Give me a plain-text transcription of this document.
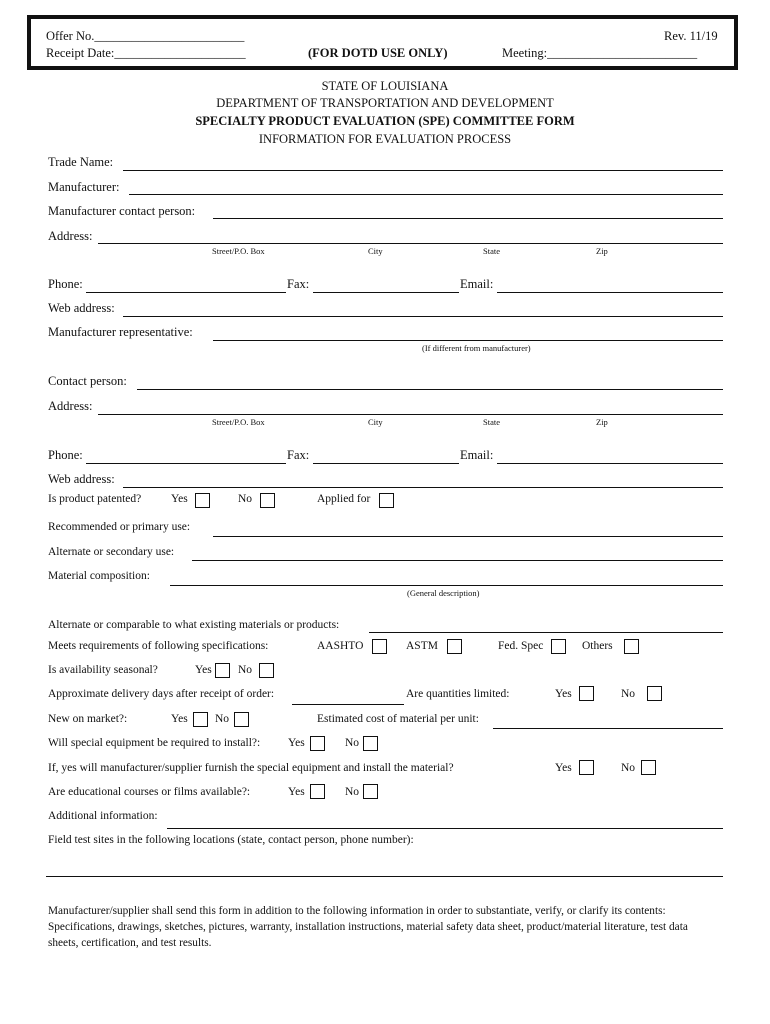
Offer No.________________________
Receipt Date:_____________________	(FOR DOTD USE ONLY)
Rev. 11/19
Meeting:________________________
STATE OF LOUISIANA
DEPARTMENT OF TRANSPORTATION AND DEVELOPMENT
SPECIALTY PRODUCT EVALUATION (SPE) COMMITTEE FORM
INFORMATION FOR EVALUATION PROCESS
Trade Name:
Manufacturer:
Manufacturer contact person:
Address:
Street/P.O. Box	City	State	Zip
Phone:	Fax:	Email:
Web address:
Manufacturer representative:
(If different from manufacturer)
Contact person:
Address:
Street/P.O. Box	City	State	Zip
Phone:	Fax:	Email:
Web address:
Is product patented?	Yes	No	Applied for
Recommended or primary use:
Alternate or secondary use:
Material composition:
(General description)
Alternate or comparable to what existing materials or products:
Meets requirements of following specifications:	AASHTO	ASTM	Fed. Spec	Others
Is availability seasonal?	Yes No
Approximate delivery days after receipt of order:	Are quantities limited:	Yes	No
New on market?:	Yes No	Estimated cost of material per unit:
Will special equipment be required to install?: Yes	No
If, yes will manufacturer/supplier furnish the special equipment and install the material?	Yes	No
Are educational courses or films available?:	Yes	No
Additional information:
Field test sites in the following locations (state, contact person, phone number):
Manufacturer/supplier shall send this form in addition to the following information in order to substantiate, verify, or clarify its contents: Specifications, drawings, sketches, pictures, warranty, installation instructions, material safety data sheet, product/material literature, test data sheets, certification, and test results.
